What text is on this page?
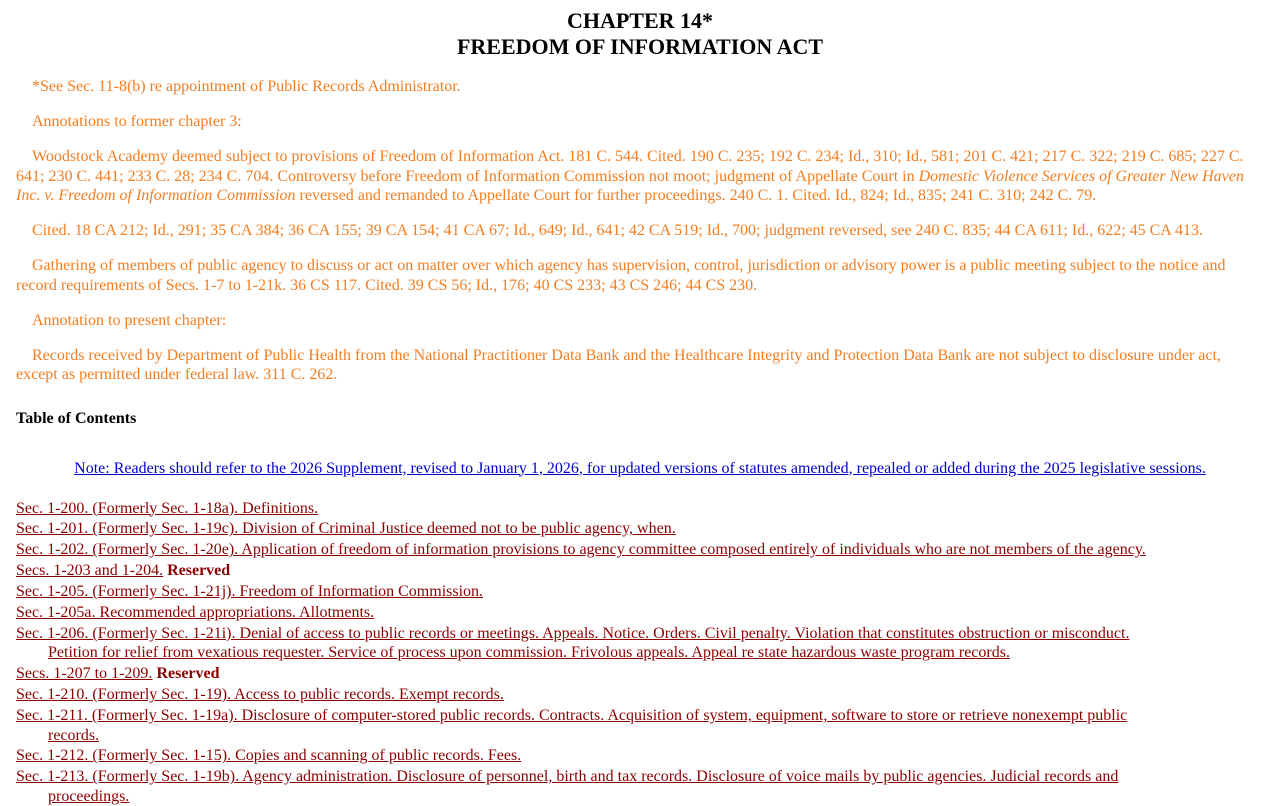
CHAPTER 14*
FREEDOM OF INFORMATION ACT

*See Sec. 11-8(b) re appointment of Public Records Administrator.

Annotations to former chapter 3:

Woodstock Academy deemed subject to provisions of Freedom of Information Act. 181 C. 544. Cited. 190 C. 235; 192 C. 234; Id., 310; Id., 581; 201 C. 421; 217 C. 322; 219 C. 685; 227 C. 641; 230 C. 441; 233 C. 28; 234 C. 704. Controversy before Freedom of Information Commission not moot; judgment of Appellate Court in Domestic Violence Services of Greater New Haven Inc. v. Freedom of Information Commission reversed and remanded to Appellate Court for further proceedings. 240 C. 1. Cited. Id., 824; Id., 835; 241 C. 310; 242 C. 79.

Cited. 18 CA 212; Id., 291; 35 CA 384; 36 CA 155; 39 CA 154; 41 CA 67; Id., 649; Id., 641; 42 CA 519; Id., 700; judgment reversed, see 240 C. 835; 44 CA 611; Id., 622; 45 CA 413.

Gathering of members of public agency to discuss or act on matter over which agency has supervision, control, jurisdiction or advisory power is a public meeting subject to the notice and record requirements of Secs. 1-7 to 1-21k. 36 CS 117. Cited. 39 CS 56; Id., 176; 40 CS 233; 43 CS 246; 44 CS 230.

Annotation to present chapter:

Records received by Department of Public Health from the National Practitioner Data Bank and the Healthcare Integrity and Protection Data Bank are not subject to disclosure under act, except as permitted under federal law. 311 C. 262.

Table of Contents
Note: Readers should refer to the 2026 Supplement, revised to January 1, 2026, for updated versions of statutes amended, repealed or added during the 2025 legislative sessions.
Sec. 1-200. (Formerly Sec. 1-18a). Definitions.
Sec. 1-201. (Formerly Sec. 1-19c). Division of Criminal Justice deemed not to be public agency, when.
Sec. 1-202. (Formerly Sec. 1-20e). Application of freedom of information provisions to agency committee composed entirely of individuals who are not members of the agency.
Secs. 1-203 and 1-204. Reserved
Sec. 1-205. (Formerly Sec. 1-21j). Freedom of Information Commission.
Sec. 1-205a. Recommended appropriations. Allotments.
Sec. 1-206. (Formerly Sec. 1-21i). Denial of access to public records or meetings. Appeals. Notice. Orders. Civil penalty. Violation that constitutes obstruction or misconduct. Petition for relief from vexatious requester. Service of process upon commission. Frivolous appeals. Appeal re state hazardous waste program records.
Secs. 1-207 to 1-209. Reserved
Sec. 1-210. (Formerly Sec. 1-19). Access to public records. Exempt records.
Sec. 1-211. (Formerly Sec. 1-19a). Disclosure of computer-stored public records. Contracts. Acquisition of system, equipment, software to store or retrieve nonexempt public records.
Sec. 1-212. (Formerly Sec. 1-15). Copies and scanning of public records. Fees.
Sec. 1-213. (Formerly Sec. 1-19b). Agency administration. Disclosure of personnel, birth and tax records. Disclosure of voice mails by public agencies. Judicial records and proceedings.
